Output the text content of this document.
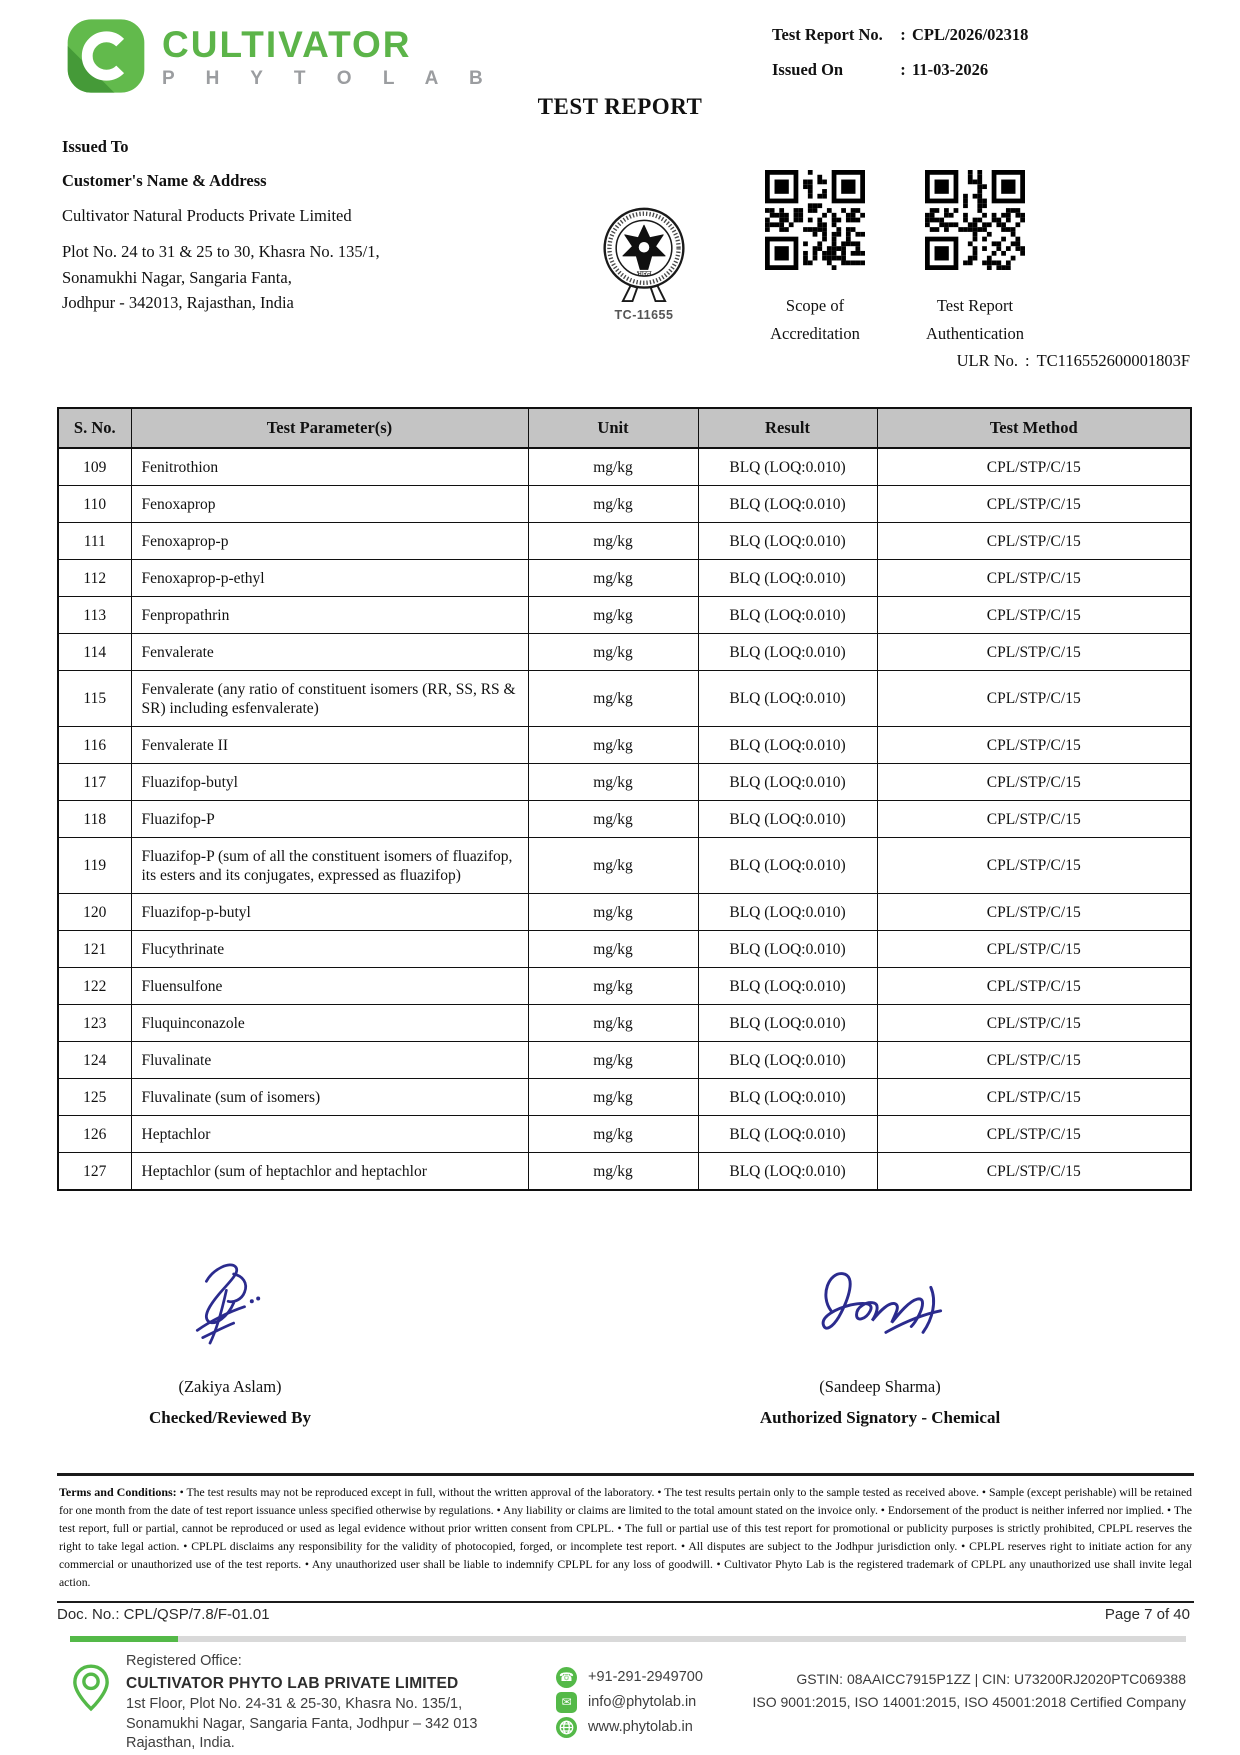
CULTIVATOR
P H Y T O L A B
Test Report No.	: CPL/2026/02318
Issued On	: 11-03-2026
TEST REPORT
Issued To
Customer's Name & Address
Cultivator Natural Products Private Limited
Plot No. 24 to 31 & 25 to 30, Khasra No. 135/1,
Sonamukhi Nagar, Sangaria Fanta,
Jodhpur - 342013, Rajasthan, India
भारत
TC-11655	Scope of
Accreditation
Test Report
Authentication
ULR No. : TC116552600001803F
S. No.	Test Parameter(s)	Unit	Result	Test Method
109	Fenitrothion	mg/kg	BLQ (LOQ:0.010)	CPL/STP/C/15
110	Fenoxaprop	mg/kg	BLQ (LOQ:0.010)	CPL/STP/C/15
111	Fenoxaprop-p	mg/kg	BLQ (LOQ:0.010)	CPL/STP/C/15
112	Fenoxaprop-p-ethyl	mg/kg	BLQ (LOQ:0.010)	CPL/STP/C/15
113	Fenpropathrin	mg/kg	BLQ (LOQ:0.010)	CPL/STP/C/15
114	Fenvalerate	mg/kg	BLQ (LOQ:0.010)	CPL/STP/C/15
115	Fenvalerate (any ratio of constituent isomers (RR, SS, RS & SR) including esfenvalerate)	mg/kg	BLQ (LOQ:0.010)	CPL/STP/C/15
116	Fenvalerate II	mg/kg	BLQ (LOQ:0.010)	CPL/STP/C/15
117	Fluazifop-butyl	mg/kg	BLQ (LOQ:0.010)	CPL/STP/C/15
118	Fluazifop-P	mg/kg	BLQ (LOQ:0.010)	CPL/STP/C/15
119	Fluazifop-P (sum of all the constituent isomers of fluazifop, its esters and its conjugates, expressed as fluazifop)	mg/kg	BLQ (LOQ:0.010)	CPL/STP/C/15
120	Fluazifop-p-butyl	mg/kg	BLQ (LOQ:0.010)	CPL/STP/C/15
121	Flucythrinate	mg/kg	BLQ (LOQ:0.010)	CPL/STP/C/15
122	Fluensulfone	mg/kg	BLQ (LOQ:0.010)	CPL/STP/C/15
123	Fluquinconazole	mg/kg	BLQ (LOQ:0.010)	CPL/STP/C/15
124	Fluvalinate	mg/kg	BLQ (LOQ:0.010)	CPL/STP/C/15
125	Fluvalinate (sum of isomers)	mg/kg	BLQ (LOQ:0.010)	CPL/STP/C/15
126	Heptachlor	mg/kg	BLQ (LOQ:0.010)	CPL/STP/C/15
127	Heptachlor (sum of heptachlor and heptachlor	mg/kg	BLQ (LOQ:0.010)	CPL/STP/C/15
(Zakiya Aslam)
Checked/Reviewed By
(Sandeep Sharma)
Authorized Signatory - Chemical
Terms and Conditions: • The test results may not be reproduced except in full, without the written approval of the laboratory. • The test results pertain only to the sample tested as received above. • Sample (except perishable) will be retained for one month from the date of test report issuance unless specified otherwise by regulations. • Any liability or claims are limited to the total amount stated on the invoice only. • Endorsement of the product is neither inferred nor implied. • The test report, full or partial, cannot be reproduced or used as legal evidence without prior written consent from CPLPL. • The full or partial use of this test report for promotional or publicity purposes is strictly prohibited, CPLPL reserves the right to take legal action. • CPLPL disclaims any responsibility for the validity of photocopied, forged, or incomplete test report. • All disputes are subject to the Jodhpur jurisdiction only. • CPLPL reserves right to initiate action for any commercial or unauthorized use of the test reports. • Any unauthorized user shall be liable to indemnify CPLPL for any loss of goodwill. • Cultivator Phyto Lab is the registered trademark of CPLPL any unauthorized use shall invite legal action.
Doc. No.: CPL/QSP/7.8/F-01.01	Page 7 of 40
Registered Office:
CULTIVATOR PHYTO LAB PRIVATE LIMITED
1st Floor, Plot No. 24-31 & 25-30, Khasra No. 135/1,
Sonamukhi Nagar, Sangaria Fanta, Jodhpur – 342 013
Rajasthan, India.
☎ +91-291-2949700
✉	info@phytolab.in
www.phytolab.in
GSTIN: 08AAICC7915P1ZZ | CIN: U73200RJ2020PTC069388
ISO 9001:2015, ISO 14001:2015, ISO 45001:2018 Certified Company
